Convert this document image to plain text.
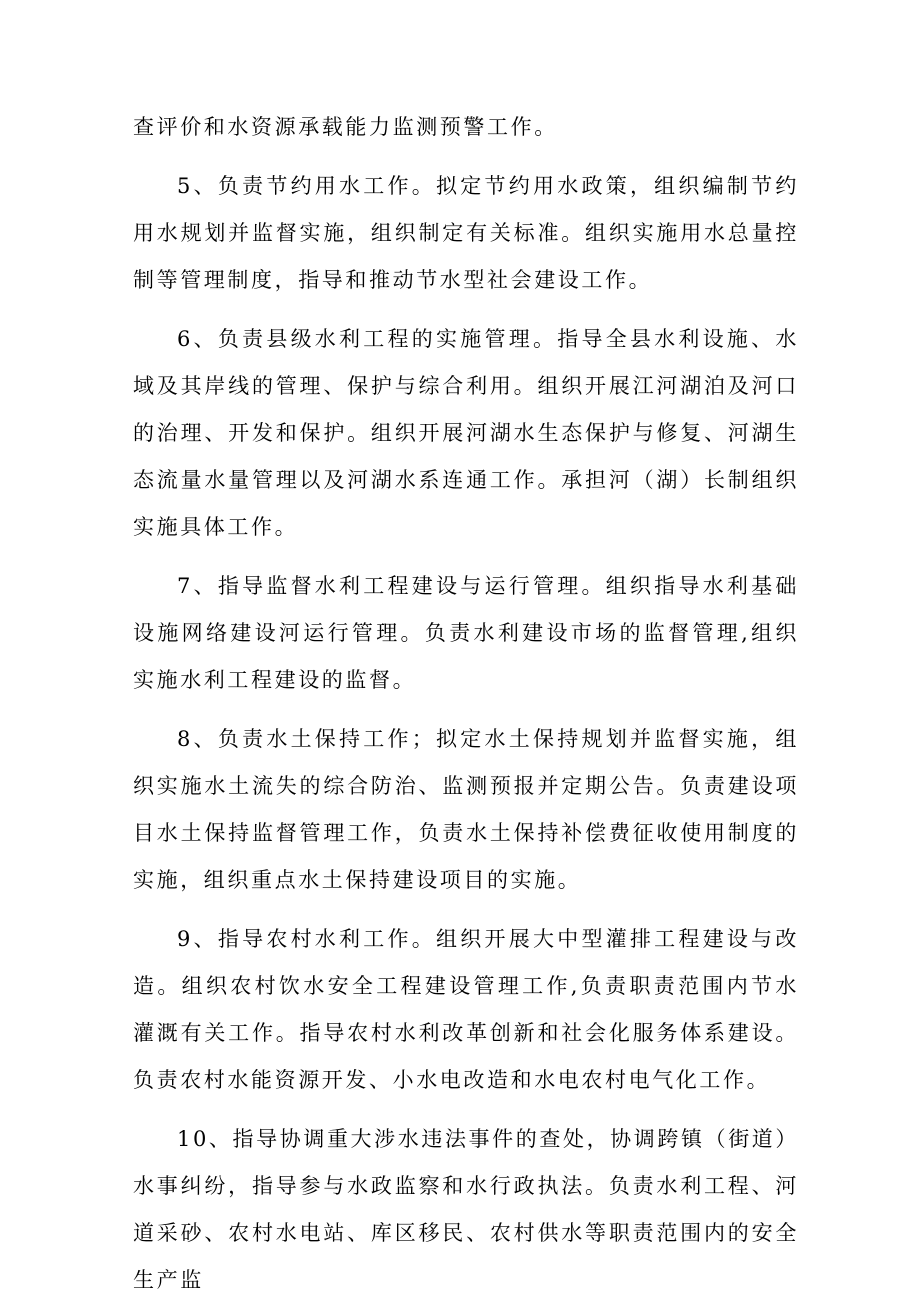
查评价和水资源承载能力监测预警工作。

5、负责节约用水工作。拟定节约用水政策，组织编制节约用水规划并监督实施，组织制定有关标准。组织实施用水总量控制等管理制度，指导和推动节水型社会建设工作。

6、负责县级水利工程的实施管理。指导全县水利设施、水域及其岸线的管理、保护与综合利用。组织开展江河湖泊及河口的治理、开发和保护。组织开展河湖水生态保护与修复、河湖生态流量水量管理以及河湖水系连通工作。承担河（湖）长制组织实施具体工作。

7、指导监督水利工程建设与运行管理。组织指导水利基础设施网络建设河运行管理。负责水利建设市场的监督管理,组织实施水利工程建设的监督。

8、负责水土保持工作；拟定水土保持规划并监督实施，组织实施水土流失的综合防治、监测预报并定期公告。负责建设项目水土保持监督管理工作，负责水土保持补偿费征收使用制度的实施，组织重点水土保持建设项目的实施。

9、指导农村水利工作。组织开展大中型灌排工程建设与改造。组织农村饮水安全工程建设管理工作,负责职责范围内节水灌溉有关工作。指导农村水利改革创新和社会化服务体系建设。负责农村水能资源开发、小水电改造和水电农村电气化工作。

10、指导协调重大涉水违法事件的查处，协调跨镇（街道）水事纠纷，指导参与水政监察和水行政执法。负责水利工程、河道采砂、农村水电站、库区移民、农村供水等职责范围内的安全生产监
